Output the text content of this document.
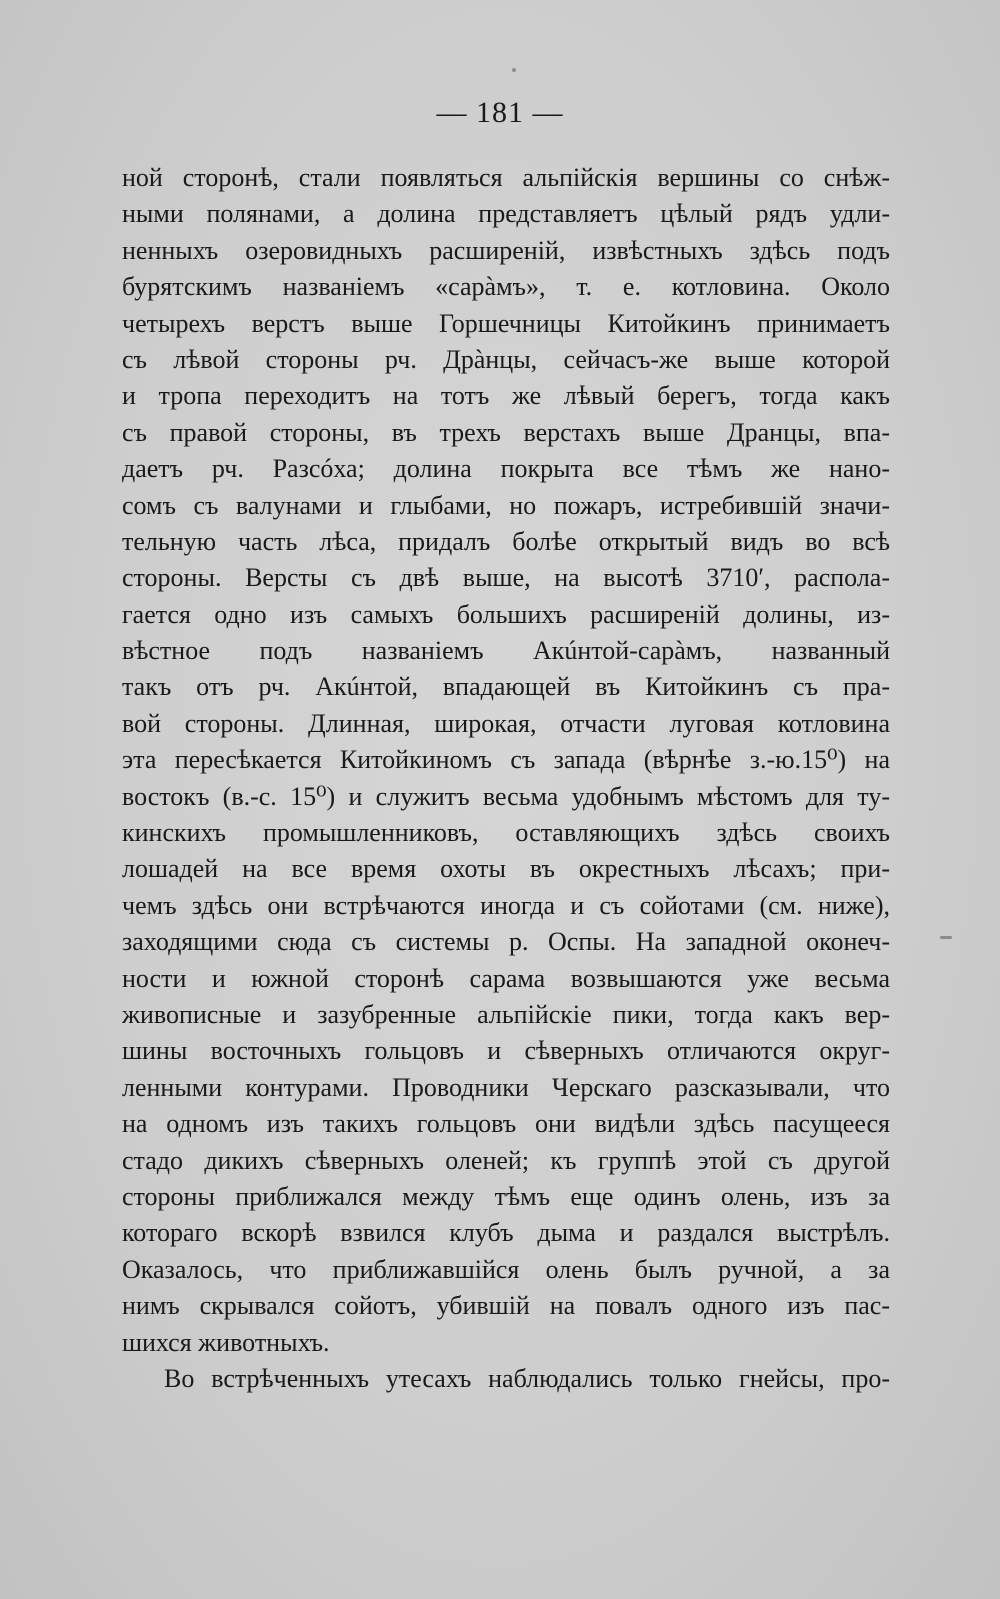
— 181 —
ной сторонѣ, стали появляться альпійскія вершины со снѣж-
ными полянами, а долина представляетъ цѣлый рядъ удли-
ненныхъ озеровидныхъ расширеній, извѣстныхъ здѣсь подъ
бурятскимъ названіемъ «сарàмъ», т. е. котловина. Около
четырехъ верстъ выше Горшечницы Китойкинъ принимаетъ
съ лѣвой стороны рч. Дрàнцы, сейчасъ-же выше которой
и тропа переходитъ на тотъ же лѣвый берегъ, тогда какъ
съ правой стороны, въ трехъ верстахъ выше Дранцы, впа-
даетъ рч. Разсóха; долина покрыта все тѣмъ же нано-
сомъ съ валунами и глыбами, но пожаръ, истребившій значи-
тельную часть лѣса, придалъ болѣе открытый видъ во всѣ
стороны. Версты съ двѣ выше, на высотѣ 3710′, распола-
гается одно изъ самыхъ большихъ расширеній долины, из-
вѣстное подъ названіемъ Акúнтой-сарàмъ, названный
такъ отъ рч. Акúнтой, впадающей въ Китойкинъ съ пра-
вой стороны. Длинная, широкая, отчасти луговая котловина
эта пересѣкается Китойкиномъ съ запада (вѣрнѣе з.-ю.15⁰) на
востокъ (в.-с. 15⁰) и служитъ весьма удобнымъ мѣстомъ для ту-
кинскихъ промышленниковъ, оставляющихъ здѣсь своихъ
лошадей на все время охоты въ окрестныхъ лѣсахъ; при-
чемъ здѣсь они встрѣчаются иногда и съ сойотами (см. ниже),
заходящими сюда съ системы р. Оспы. На западной оконеч-
ности и южной сторонѣ сарама возвышаются уже весьма
живописные и зазубренные альпійскіе пики, тогда какъ вер-
шины восточныхъ гольцовъ и сѣверныхъ отличаются округ-
ленными контурами. Проводники Черскаго разсказывали, что
на одномъ изъ такихъ гольцовъ они видѣли здѣсь пасущееся
стадо дикихъ сѣверныхъ оленей; къ группѣ этой съ другой
стороны приближался между тѣмъ еще одинъ олень, изъ за
котораго вскорѣ взвился клубъ дыма и раздался выстрѣлъ.
Оказалось, что приближавшійся олень былъ ручной, а за
нимъ скрывался сойотъ, убившій на повалъ одного изъ пас-
шихся животныхъ.
Во встрѣченныхъ утесахъ наблюдались только гнейсы, про-
